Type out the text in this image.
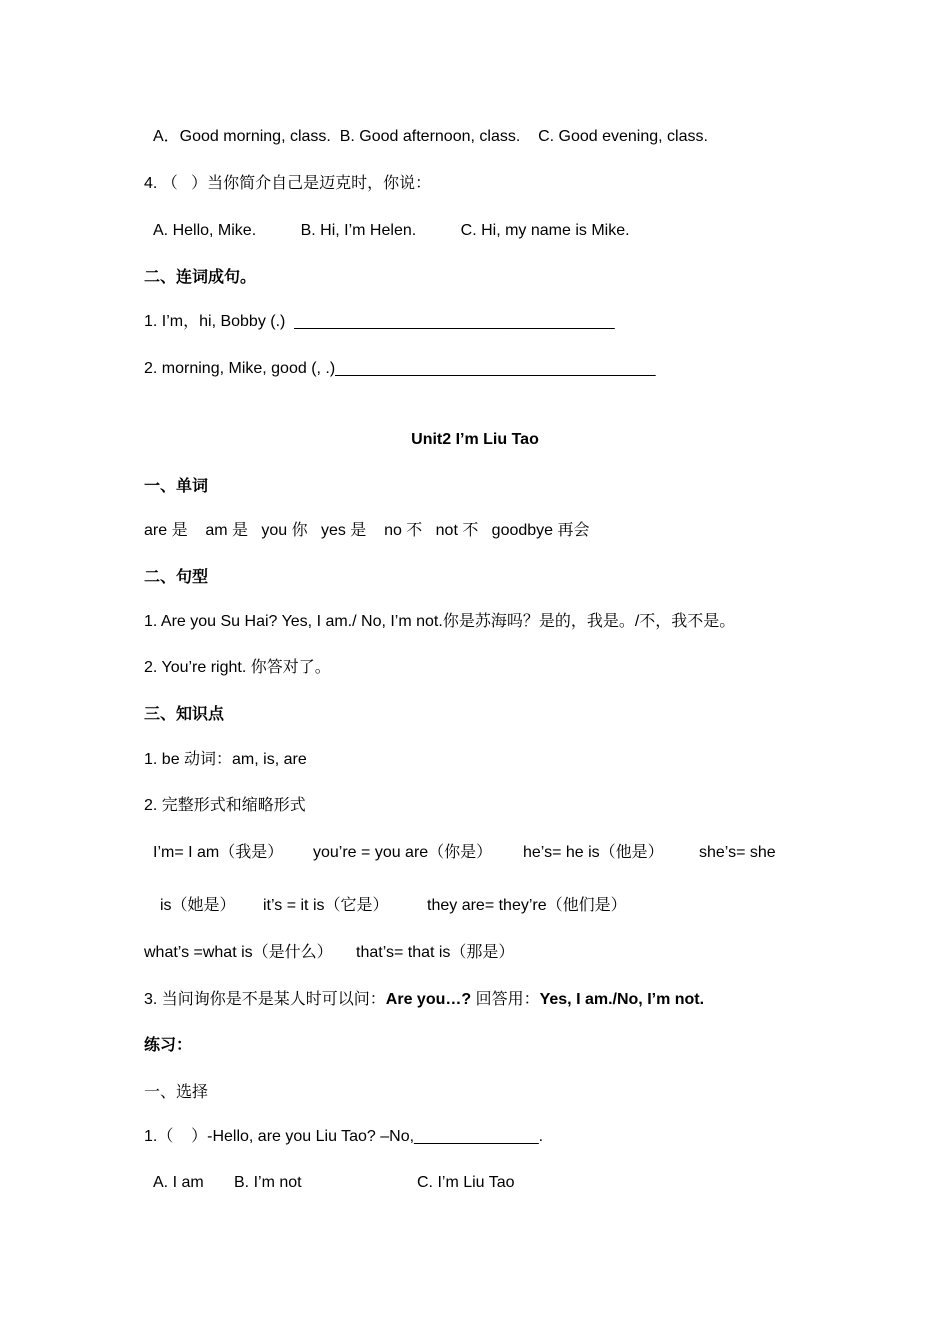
A．Good morning, class.  B. Good afternoon, class.    C. Good evening, class.
4. （   ）当你简介自己是迈克时，你说：
A. Hello, Mike.          B. Hi, I’m Helen.          C. Hi, my name is Mike.
二、连词成句。
1. I’m，hi, Bobby (.)  ____________________________________
2. morning, Mike, good (, .)____________________________________
Unit2 I’m Liu Tao
一、单词
are 是    am 是   you 你   yes 是    no 不   not 不   goodbye 再会
二、句型
1. Are you Su Hai? Yes, I am./ No, I’m not.你是苏海吗？是的，我是。/不，我不是。
2. You’re right. 你答对了。
三、知识点
1. be 动词：am, is, are
2. 完整形式和缩略形式
I’m= I am（我是） you’re = you are（你是） he’s= he is（他是） she’s= she
is（她是） it’s = it is（它是） they are= they’re（他们是）
what’s =what is（是什么） that’s= that is（那是）
3. 当问询你是不是某人时可以问：Are you…? 回答用：Yes, I am./No, I’m not.
练习：
一、选择
1.（    ）-Hello, are you Liu Tao? –No,______________.
A. I am B. I’m not	C. I’m Liu Tao
